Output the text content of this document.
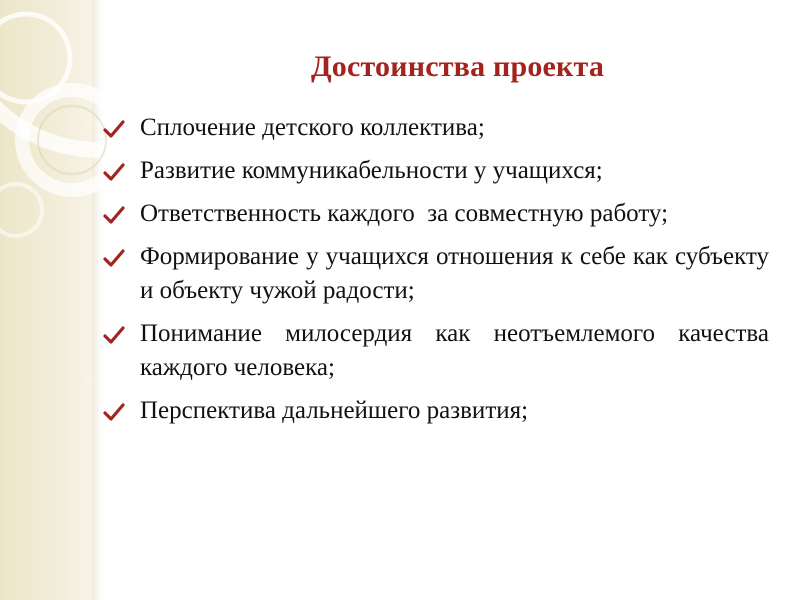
Достоинства проекта
Сплочение детского коллектива;
Развитие коммуникабельности у учащихся;
Ответственность каждого  за совместную работу;
Формирование у учащихся отношения к себе как субъекту и объекту чужой радости;
Понимание милосердия как неотъемлемого качества каждого человека;
Перспектива дальнейшего развития;
